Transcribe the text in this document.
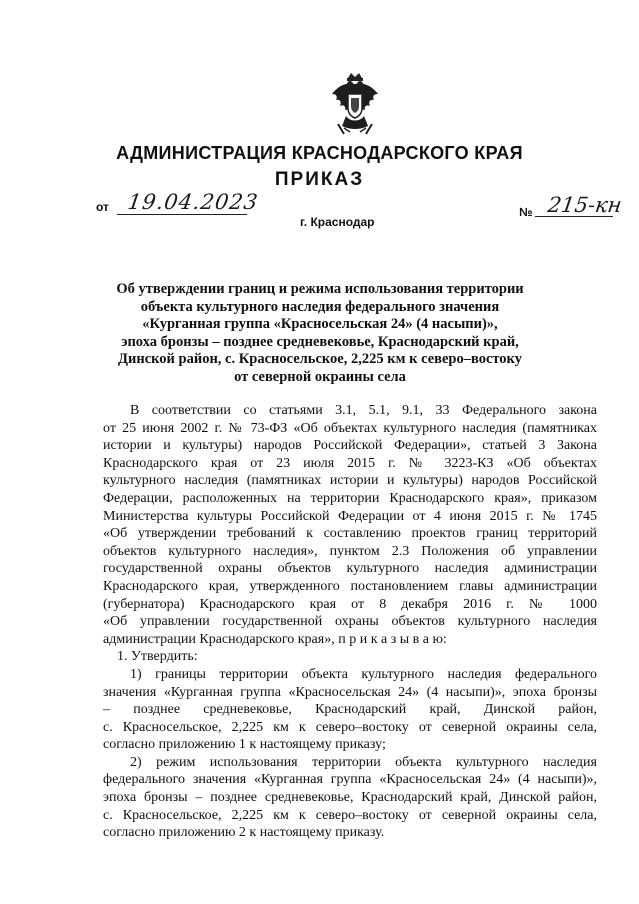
АДМИНИСТРАЦИЯ КРАСНОДАРСКОГО КРАЯ
ПРИКАЗ
от 19.04.2023
г. Краснодар
№ 215-кн
Об утверждении границ и режима использования территории
объекта культурного наследия федерального значения
«Курганная группа «Красносельская 24» (4 насыпи)»,
эпоха бронзы – позднее средневековье, Краснодарский край,
Динской район, с. Красносельское, 2,225 км к северо–востоку
от северной окраины села
В соответствии со статьями 3.1, 5.1, 9.1, 33 Федерального закона
от 25 июня 2002 г. № 73-ФЗ «Об объектах культурного наследия (памятниках
истории и культуры) народов Российской Федерации», статьей 3 Закона
Краснодарского края от 23 июля 2015 г. № 3223-КЗ «Об объектах
культурного наследия (памятниках истории и культуры) народов Российской
Федерации, расположенных на территории Краснодарского края», приказом
Министерства культуры Российской Федерации от 4 июня 2015 г. № 1745
«Об утверждении требований к составлению проектов границ территорий
объектов культурного наследия», пунктом 2.3 Положения об управлении
государственной охраны объектов культурного наследия администрации
Краснодарского края, утвержденного постановлением главы администрации
(губернатора) Краснодарского края от 8 декабря 2016 г. № 1000
«Об управлении государственной охраны объектов культурного наследия
администрации Краснодарского края», п р и к а з ы в а ю:
1. Утвердить:
1) границы территории объекта культурного наследия федерального
значения «Курганная группа «Красносельская 24» (4 насыпи)», эпоха бронзы
– позднее средневековье, Краснодарский край, Динской район,
с. Красносельское, 2,225 км к северо–востоку от северной окраины села,
согласно приложению 1 к настоящему приказу;
2) режим использования территории объекта культурного наследия
федерального значения «Курганная группа «Красносельская 24» (4 насыпи)»,
эпоха бронзы – позднее средневековье, Краснодарский край, Динской район,
с. Красносельское, 2,225 км к северо–востоку от северной окраины села,
согласно приложению 2 к настоящему приказу.
